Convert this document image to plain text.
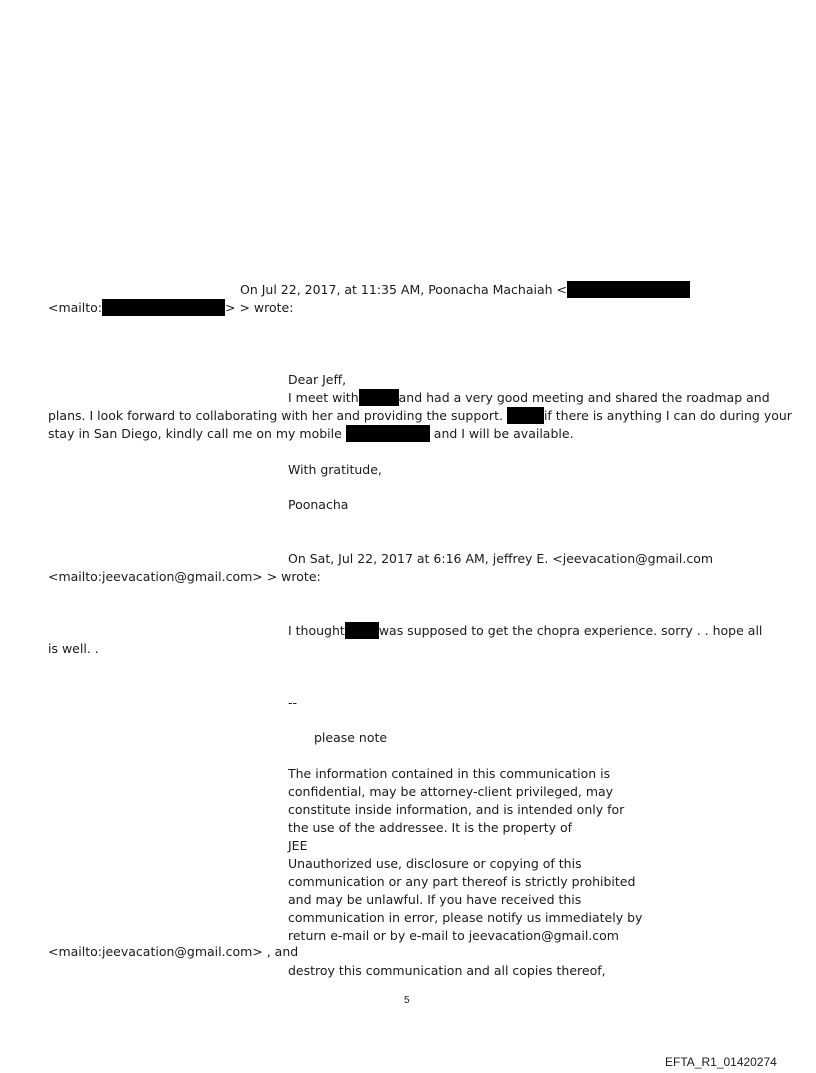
On Jul 22, 2017, at 11:35 AM, Poonacha Machaiah <
<mailto:	> > wrote:
Dear Jeff,
I meet with	and had a very good meeting and shared the roadmap and
plans. I look forward to collaborating with her and providing the support.	if there is anything I can do during your
stay in San Diego, kindly call me on my mobile	and I will be available.
With gratitude,
Poonacha
On Sat, Jul 22, 2017 at 6:16 AM, jeffrey E. <jeevacation@gmail.com
<mailto:jeevacation@gmail.com> > wrote:
I thought	was supposed to get the chopra experience. sorry . . hope all
is well. .
--
please note
The information contained in this communication is
confidential, may be attorney-client privileged, may
constitute inside information, and is intended only for
the use of the addressee. It is the property of
JEE
Unauthorized use, disclosure or copying of this
communication or any part thereof is strictly prohibited
and may be unlawful. If you have received this
communication in error, please notify us immediately by
return e-mail or by e-mail to jeevacation@gmail.com
<mailto:jeevacation@gmail.com> , and
destroy this communication and all copies thereof,
5
EFTA_R1_01420274
